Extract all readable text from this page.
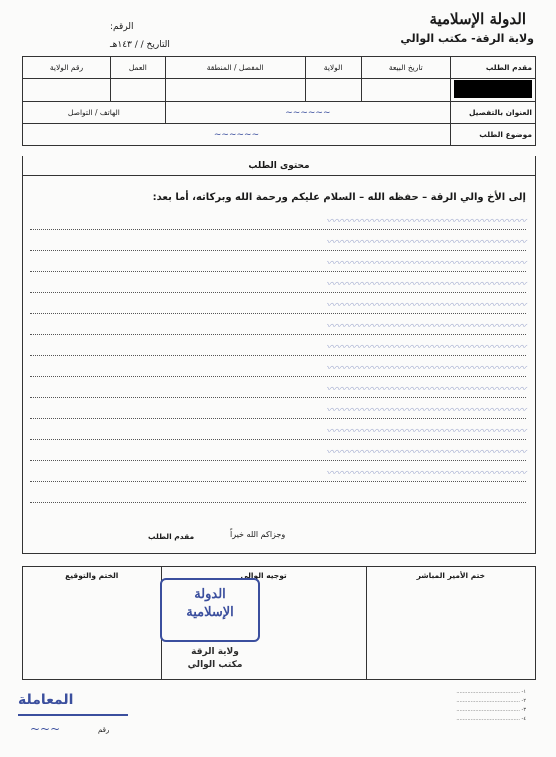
الدولة الإسلامية
ولاية الرقة- مكتب الوالي
الرقم:
التاريخ / / ١٤٣هـ
مقدم الطلب	تاريخ البيعة	الولاية	المفصل / المنطقة	العمل	رقم الولاية

العنوان بالتفصيل	~~~~~~			الهاتف / التواصل	
موضوع الطلب	~~~~~~				
محتوى الطلب
إلى الأخ والي الرقة – حفظه الله – السلام عليكم ورحمة الله وبركاته، أما بعد:
〰〰〰〰〰〰〰〰〰〰〰〰〰〰〰〰〰〰〰〰
〰〰〰〰〰〰〰〰〰〰〰〰〰〰〰〰〰〰〰〰
〰〰〰〰〰〰〰〰〰〰〰〰〰〰〰〰〰〰〰〰
〰〰〰〰〰〰〰〰〰〰〰〰〰〰〰〰〰〰〰〰
〰〰〰〰〰〰〰〰〰〰〰〰〰〰〰〰〰〰〰〰
〰〰〰〰〰〰〰〰〰〰〰〰〰〰〰〰〰〰〰〰
〰〰〰〰〰〰〰〰〰〰〰〰〰〰〰〰〰〰〰〰
〰〰〰〰〰〰〰〰〰〰〰〰〰〰〰〰〰〰〰〰
〰〰〰〰〰〰〰〰〰〰〰〰〰〰〰〰〰〰〰〰
〰〰〰〰〰〰〰〰〰〰〰〰〰〰〰〰〰〰〰〰
〰〰〰〰〰〰〰〰〰〰〰〰〰〰〰〰〰〰〰〰
〰〰〰〰〰〰〰〰〰〰〰〰〰〰〰〰〰〰〰〰
〰〰〰〰〰〰〰〰〰〰〰〰〰〰〰〰〰〰〰〰
وجزاكم الله خيراً
مقدم الطلب
ختم الأمير المباشر	توجيه الوالي	الختم والتوقيع
الدولة
الإسلامية
ولاية الرقة
مكتب الوالي
١- ........................................
٢- ........................................
٣- ........................................
٤- ........................................
المعاملة
رقم
~~~
